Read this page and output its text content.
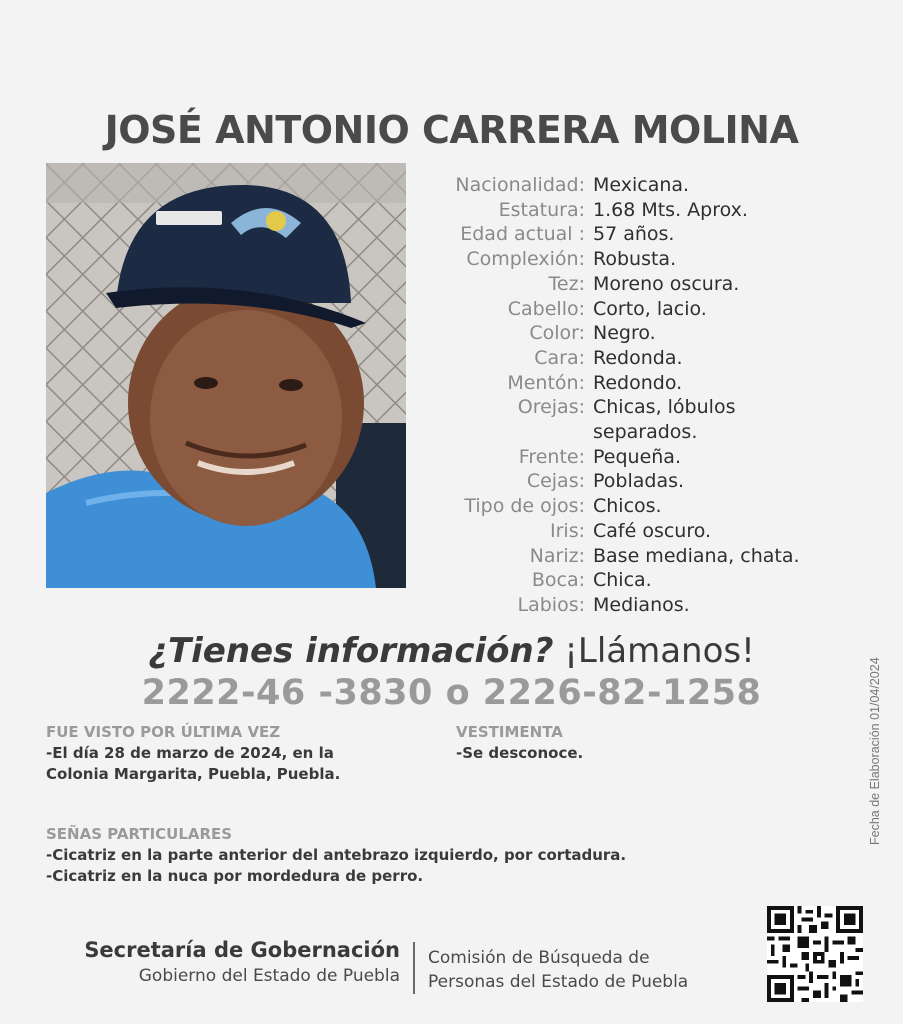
JOSÉ ANTONIO CARRERA MOLINA
Nacionalidad: Mexicana.
Estatura: 1.68 Mts. Aprox.
Edad actual : 57 años.
Complexión: Robusta.
Tez: Moreno oscura.
Cabello: Corto, lacio.
Color: Negro.
Cara: Redonda.
Mentón: Redondo.
Orejas: Chicas, lóbulos
separados.
Frente: Pequeña.
Cejas: Pobladas.
Tipo de ojos: Chicos.
Iris: Café oscuro.
Nariz: Base mediana, chata.
Boca: Chica.
Labios: Medianos.
¿Tienes información? ¡Llámanos!
2222-46 -3830 o 2226-82-1258
FUE VISTO POR ÚLTIMA VEZ
-El día 28 de marzo de 2024, en la
Colonia Margarita, Puebla, Puebla.
VESTIMENTA
-Se desconoce.
SEÑAS PARTICULARES
-Cicatriz en la parte anterior del antebrazo izquierdo, por cortadura.
-Cicatriz en la nuca por mordedura de perro.
Fecha de Elaboración 01/04/2024
Secretaría de Gobernación
Gobierno del Estado de Puebla
Comisión de Búsqueda de
Personas del Estado de Puebla
